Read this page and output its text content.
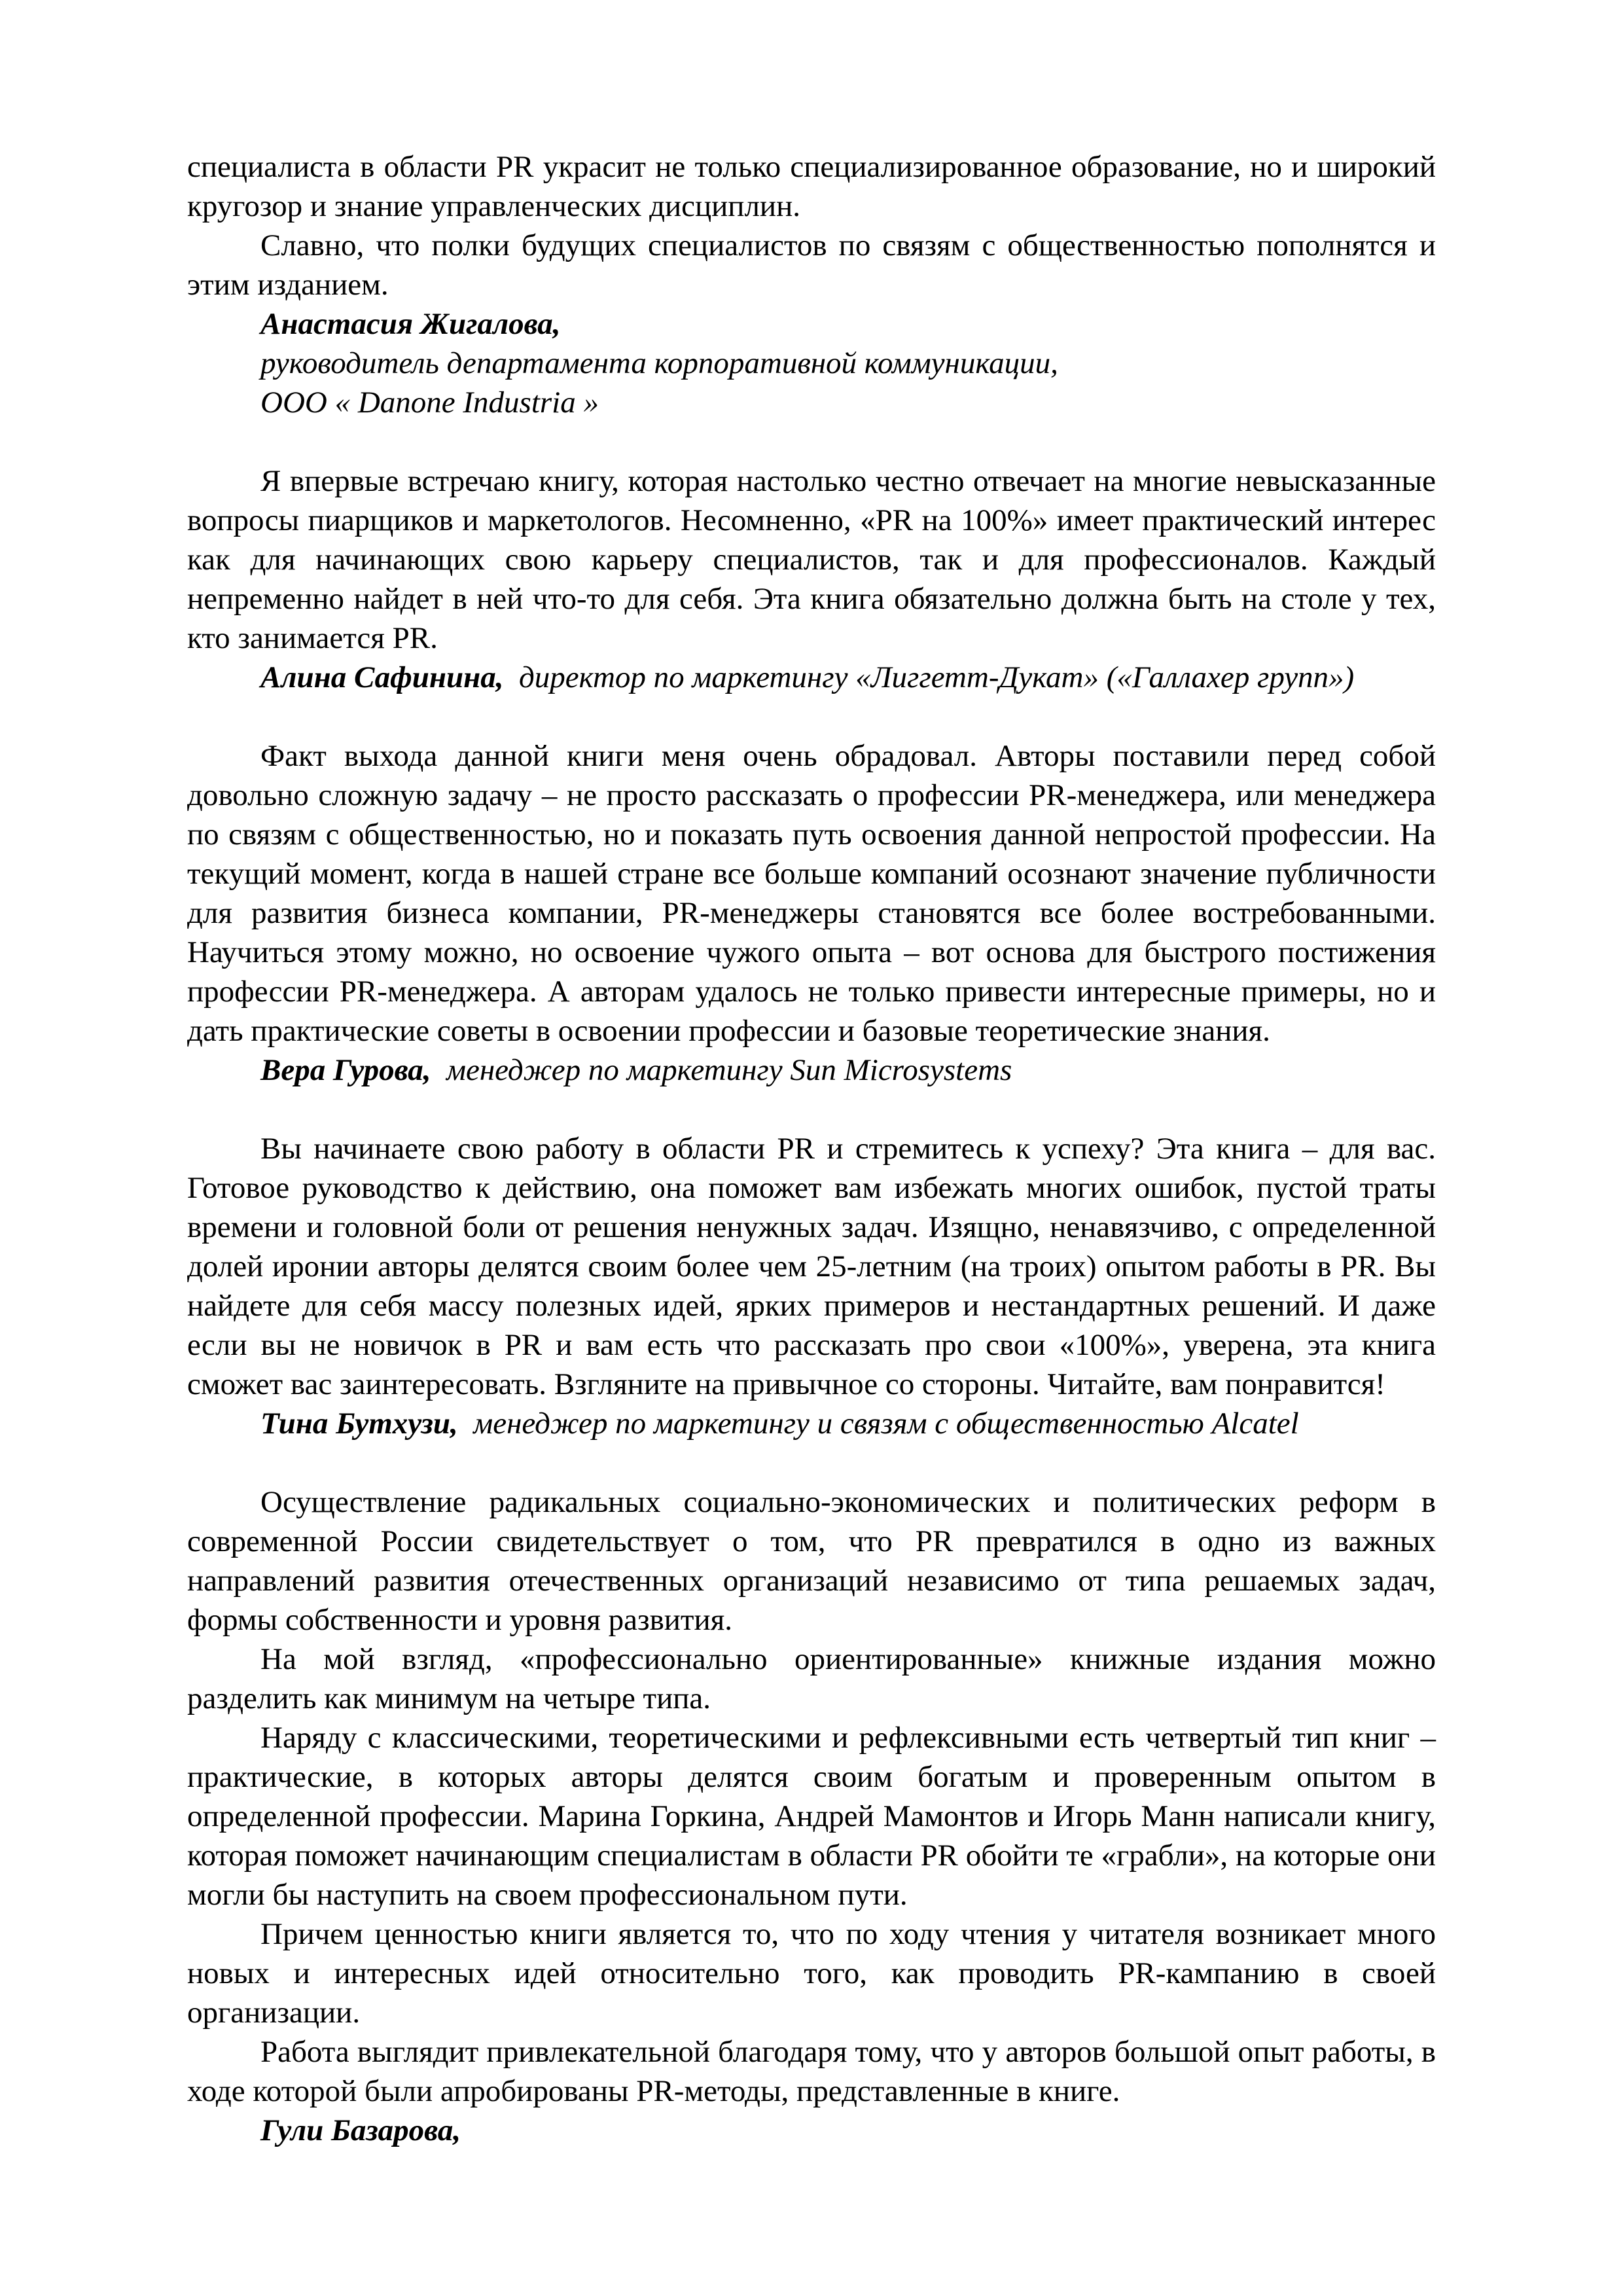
специалиста в области PR украсит не только специализированное образование, но и широкий кругозор и знание управленческих дисциплин.

Славно, что полки будущих специалистов по связям с общественностью пополнятся и этим изданием.

Анастасия Жигалова,
руководитель департамента корпоративной коммуникации,
ООО « Danone Industria »

Я впервые встречаю книгу, которая настолько честно отвечает на многие невысказанные вопросы пиарщиков и маркетологов. Несомненно, «PR на 100%» имеет практический интерес как для начинающих свою карьеру специалистов, так и для профессионалов. Каждый непременно найдет в ней что-то для себя. Эта книга обязательно должна быть на столе у тех, кто занимается PR.

Алина Сафинина, директор по маркетингу «Лиггетт-Дукат» («Галлахер групп»)

Факт выхода данной книги меня очень обрадовал. Авторы поставили перед собой довольно сложную задачу – не просто рассказать о профессии PR-менеджера, или менеджера по связям с общественностью, но и показать путь освоения данной непростой профессии. На текущий момент, когда в нашей стране все больше компаний осознают значение публичности для развития бизнеса компании, PR-менеджеры становятся все более востребованными. Научиться этому можно, но освоение чужого опыта – вот основа для быстрого постижения профессии PR-менеджера. А авторам удалось не только привести интересные примеры, но и дать практические советы в освоении профессии и базовые теоретические знания.

Вера Гурова, менеджер по маркетингу Sun Microsystems

Вы начинаете свою работу в области PR и стремитесь к успеху? Эта книга – для вас. Готовое руководство к действию, она поможет вам избежать многих ошибок, пустой траты времени и головной боли от решения ненужных задач. Изящно, ненавязчиво, с определенной долей иронии авторы делятся своим более чем 25-летним (на троих) опытом работы в PR. Вы найдете для себя массу полезных идей, ярких примеров и нестандартных решений. И даже если вы не новичок в PR и вам есть что рассказать про свои «100%», уверена, эта книга сможет вас заинтересовать. Взгляните на привычное со стороны. Читайте, вам понравится!

Тина Бутхузи, менеджер по маркетингу и связям с общественностью Alcatel

Осуществление радикальных социально-экономических и политических реформ в современной России свидетельствует о том, что PR превратился в одно из важных направлений развития отечественных организаций независимо от типа решаемых задач, формы собственности и уровня развития.

На мой взгляд, «профессионально ориентированные» книжные издания можно разделить как минимум на четыре типа.

Наряду с классическими, теоретическими и рефлексивными есть четвертый тип книг – практические, в которых авторы делятся своим богатым и проверенным опытом в определенной профессии. Марина Горкина, Андрей Мамонтов и Игорь Манн написали книгу, которая поможет начинающим специалистам в области PR обойти те «грабли», на которые они могли бы наступить на своем профессиональном пути.

Причем ценностью книги является то, что по ходу чтения у читателя возникает много новых и интересных идей относительно того, как проводить PR-кампанию в своей организации.

Работа выглядит привлекательной благодаря тому, что у авторов большой опыт работы, в ходе которой были апробированы PR-методы, представленные в книге.

Гули Базарова,
